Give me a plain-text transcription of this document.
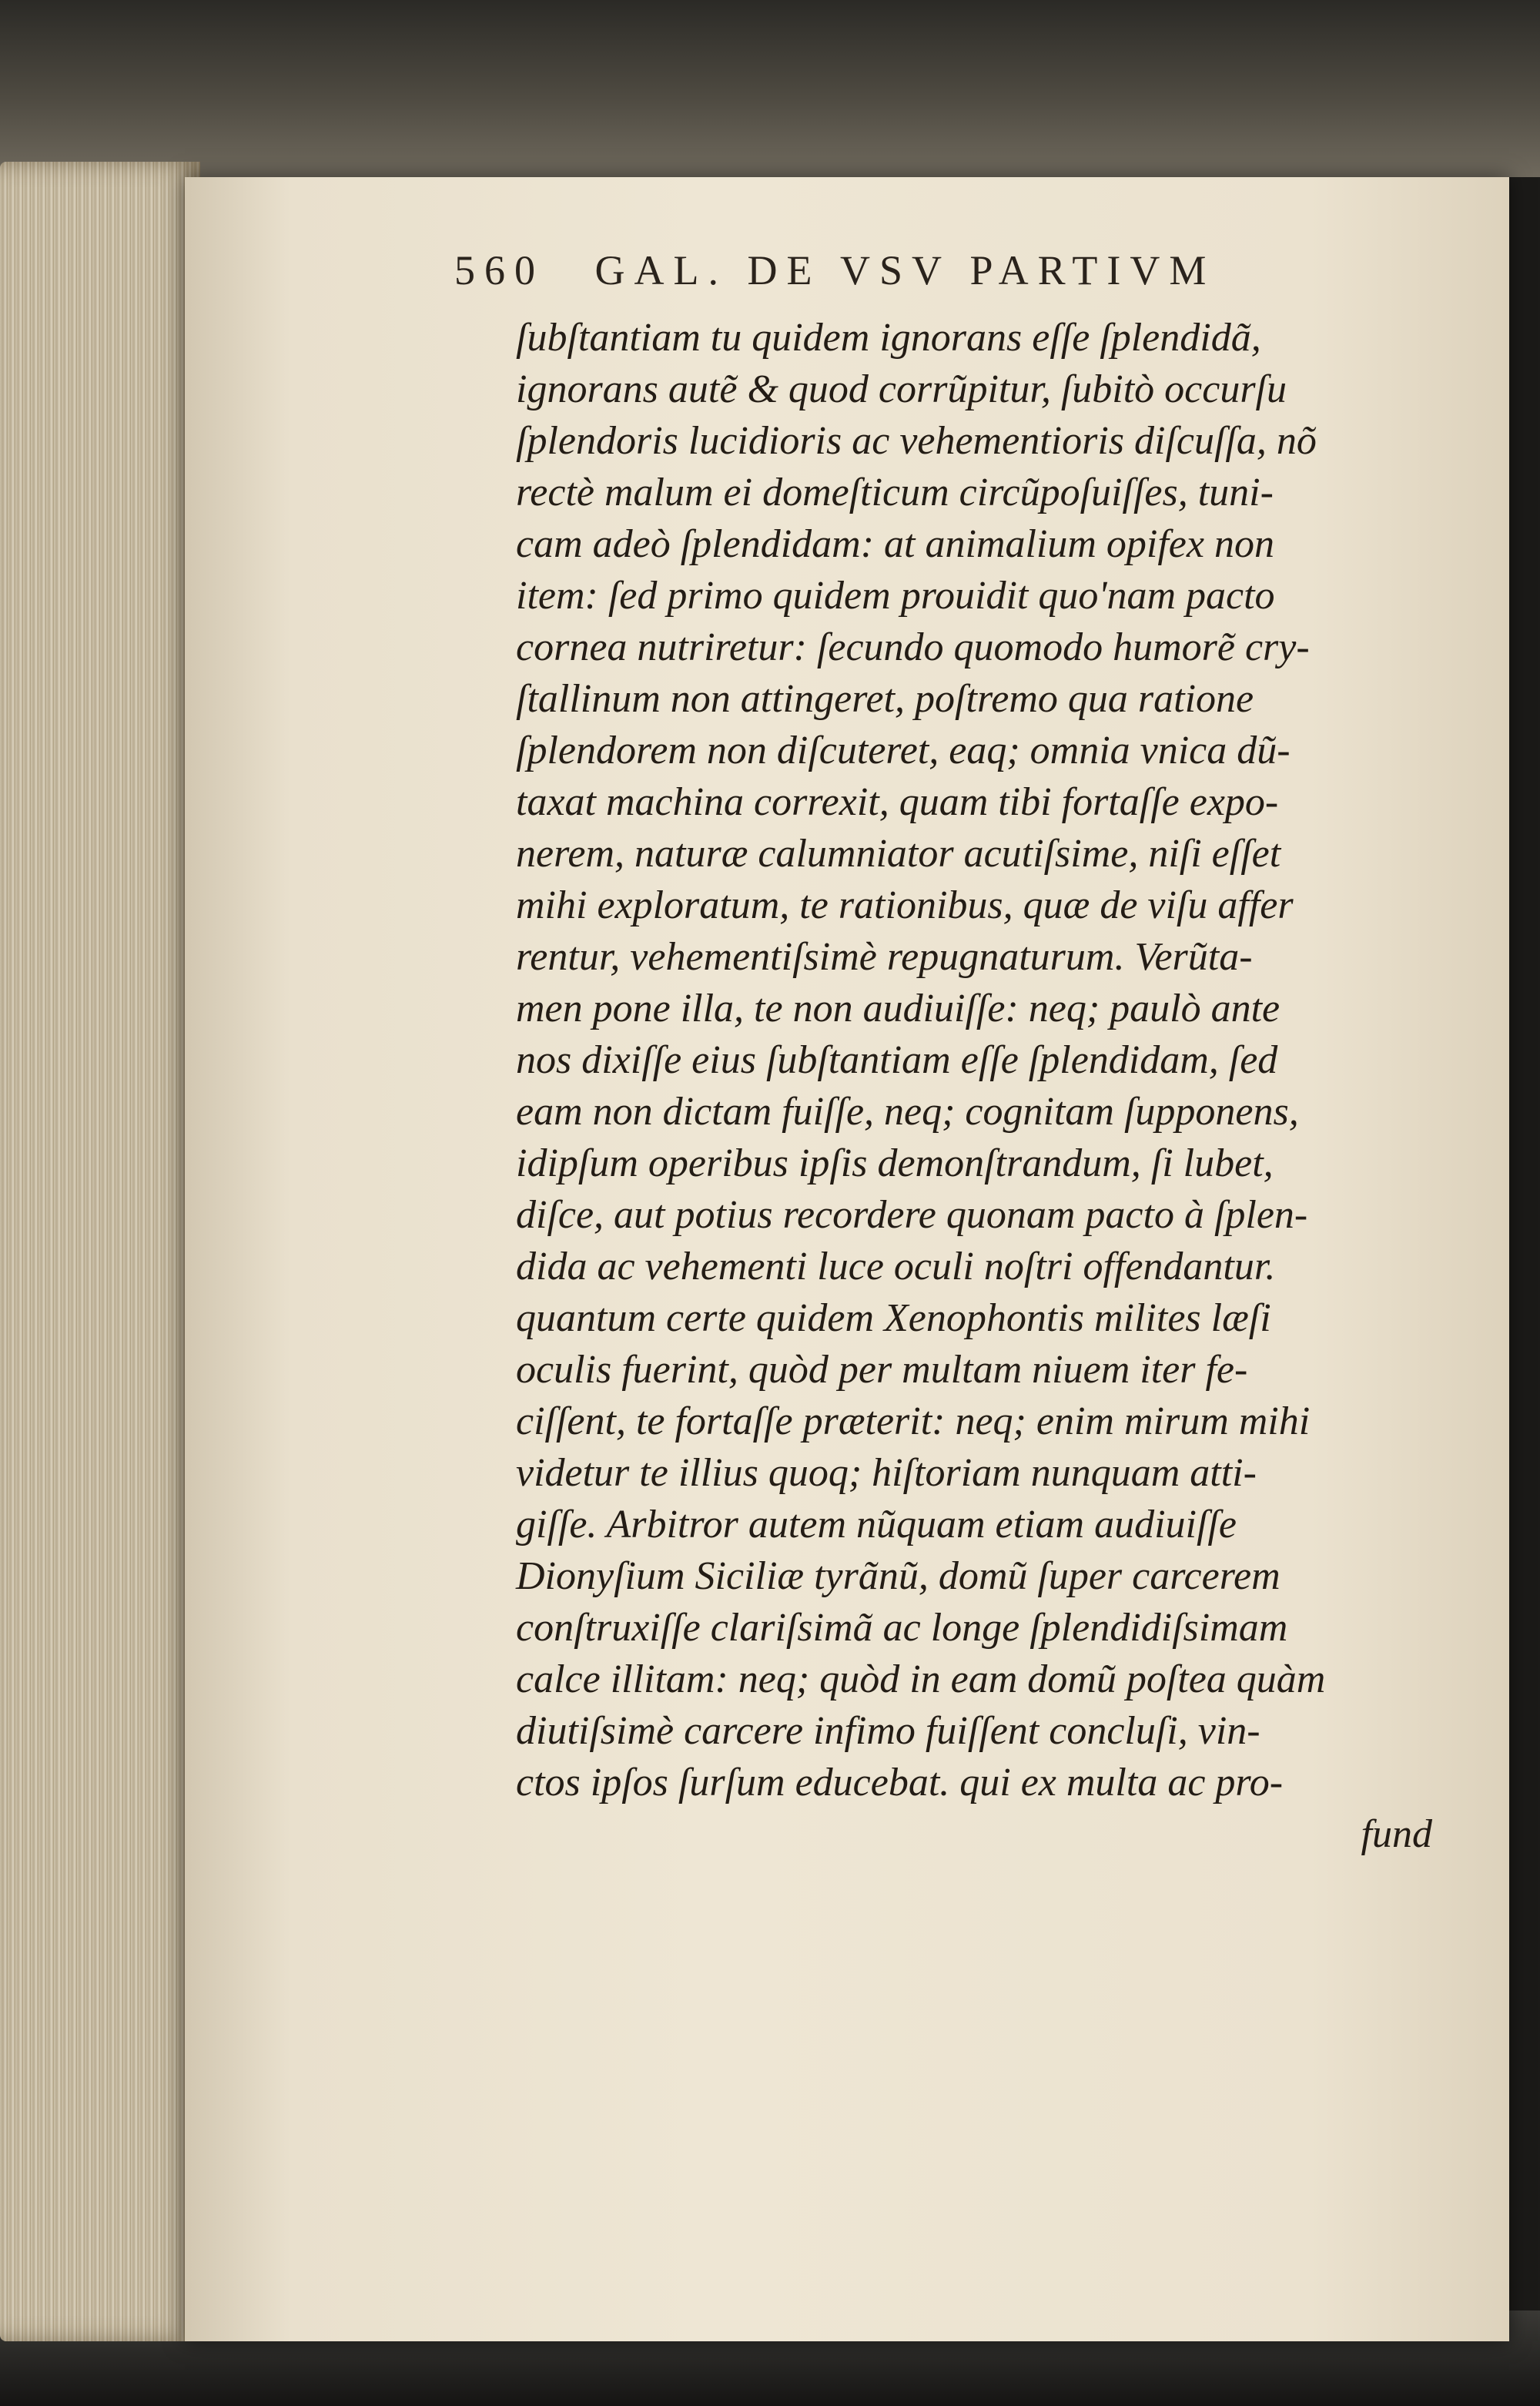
560 GAL. DE VSV PARTIVM
ſubſtantiam tu quidem ignorans eſſe ſplendidã,
ignorans autẽ & quod corrũpitur, ſubitò occurſu
ſplendoris lucidioris ac vehementioris diſcuſſa, nõ
rectè malum ei domeſticum circũpoſuiſſes, tuni-
cam adeò ſplendidam: at animalium opifex non
item: ſed primo quidem prouidit quo'nam pacto
cornea nutriretur: ſecundo quomodo humorẽ cry-
ſtallinum non attingeret, poſtremo qua ratione
ſplendorem non diſcuteret, eaq; omnia vnica dũ-
taxat machina correxit, quam tibi fortaſſe expo-
nerem, naturæ calumniator acutiſsime, niſi eſſet
mihi exploratum, te rationibus, quæ de viſu affer
rentur, vehementiſsimè repugnaturum. Verũta-
men pone illa, te non audiuiſſe: neq; paulò ante
nos dixiſſe eius ſubſtantiam eſſe ſplendidam, ſed
eam non dictam fuiſſe, neq; cognitam ſupponens,
idipſum operibus ipſis demonſtrandum, ſi lubet,
diſce, aut potius recordere quonam pacto à ſplen-
dida ac vehementi luce oculi noſtri offendantur.
quantum certe quidem Xenophontis milites læſi
oculis fuerint, quòd per multam niuem iter fe-
ciſſent, te fortaſſe præterit: neq; enim mirum mihi
videtur te illius quoq; hiſtoriam nunquam atti-
giſſe. Arbitror autem nũquam etiam audiuiſſe
Dionyſium Siciliæ tyrãnũ, domũ ſuper carcerem
conſtruxiſſe clariſsimã ac longe ſplendidiſsimam
calce illitam: neq; quòd in eam domũ poſtea quàm
diutiſsimè carcere infimo fuiſſent concluſi, vin-
ctos ipſos ſurſum educebat. qui ex multa ac pro-
fund
